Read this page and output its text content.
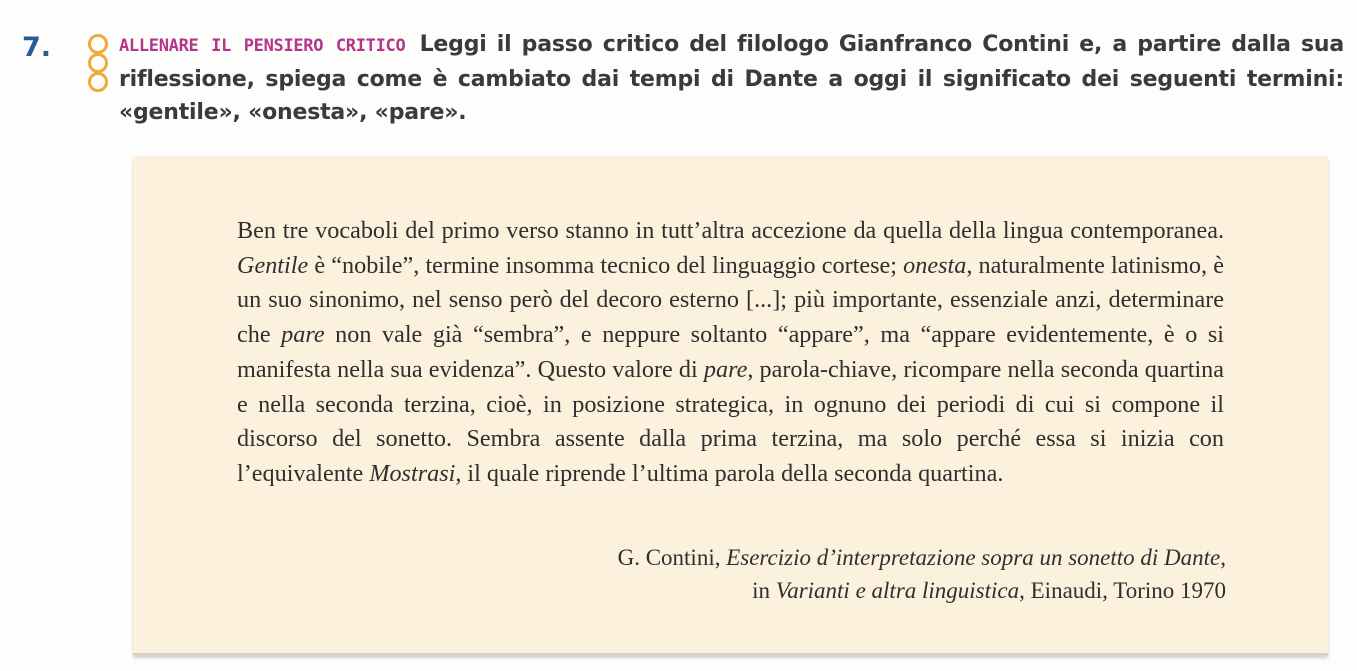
7.	ALLENARE IL PENSIERO CRITICO Leggi il passo critico del filologo Gianfranco Contini e, a partire dalla sua riflessione, spiega come è cambiato dai tempi di Dante a oggi il significato dei seguenti termini: «gentile», «onesta», «pare».

Ben tre vocaboli del primo verso stanno in tutt’altra accezione da quella della lingua contemporanea. Gentile è “nobile”, termine insomma tecnico del linguaggio cortese; onesta, naturalmente latinismo, è un suo sinonimo, nel senso però del decoro esterno [...]; più importante, essenziale anzi, determinare che pare non vale già “sembra”, e neppure soltanto “appare”, ma “appare evidentemente, è o si manifesta nella sua evidenza”. Questo valore di pare, parola-chiave, ricompare nella seconda quartina e nella seconda terzina, cioè, in posizione strategica, in ognuno dei periodi di cui si compone il discorso del sonetto. Sembra assente dalla prima terzina, ma solo perché essa si inizia con l’equivalente Mostrasi, il quale riprende l’ultima parola della seconda quartina.

G. Contini, Esercizio d’interpretazione sopra un sonetto di Dante,
in Varianti e altra linguistica, Einaudi, Torino 1970
